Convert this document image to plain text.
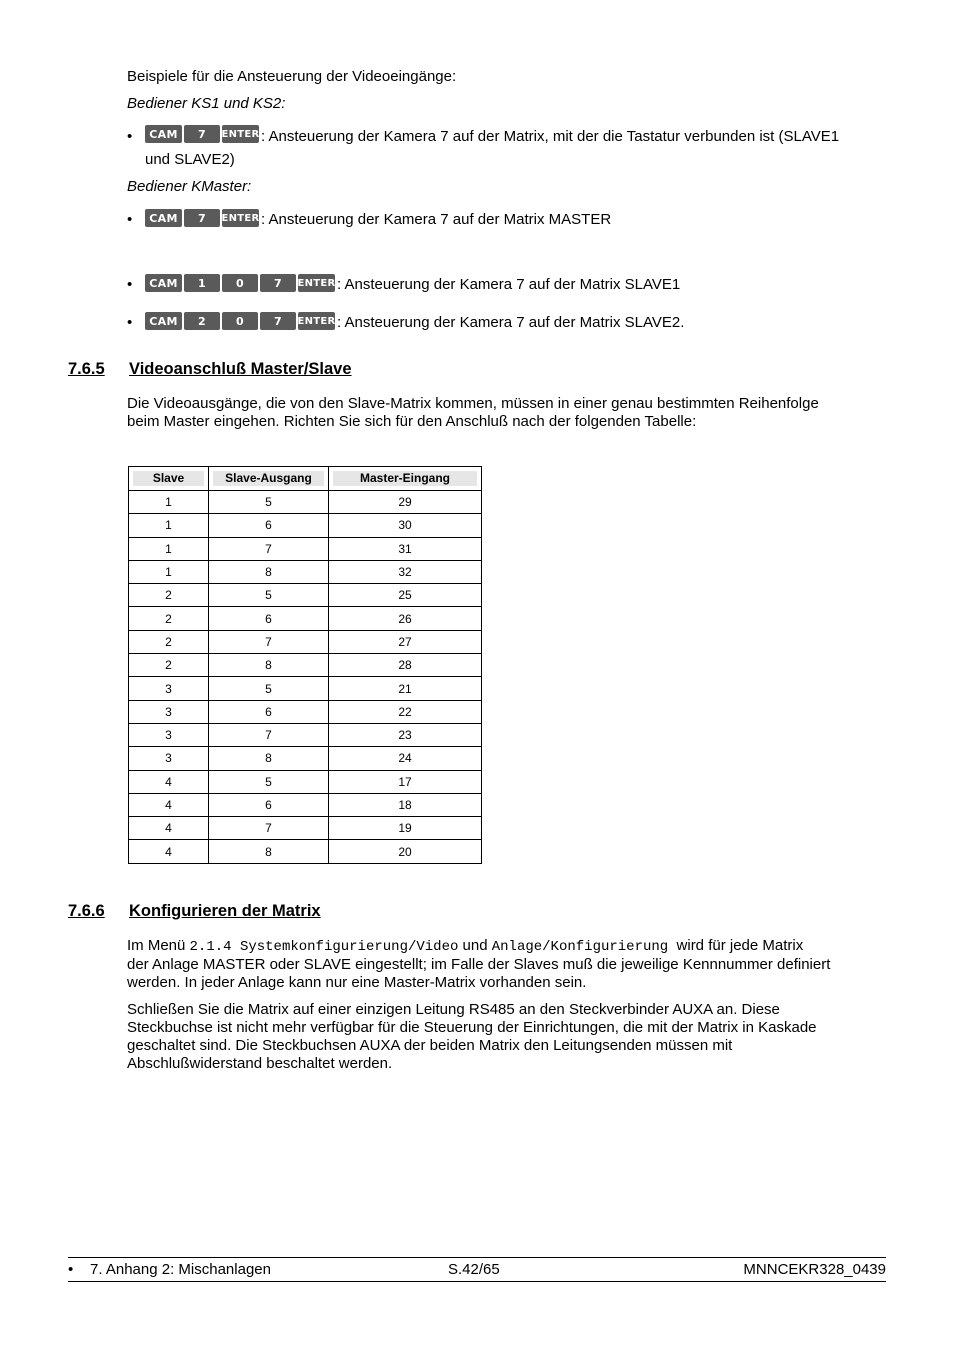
Beispiele für die Ansteuerung der Videoeingänge:
Bediener KS1 und KS2:
•	CAM	7	ENTER : Ansteuerung der Kamera 7 auf der Matrix, mit der die Tastatur verbunden ist (SLAVE1
und SLAVE2)
Bediener KMaster:
•	CAM	7	ENTER : Ansteuerung der Kamera 7 auf der Matrix MASTER
•	CAM	1	0	7	ENTER : Ansteuerung der Kamera 7 auf der Matrix SLAVE1
•	CAM	2	0	7	ENTER : Ansteuerung der Kamera 7 auf der Matrix SLAVE2.
7.6.5	Videoanschluß Master/Slave
Die Videoausgänge, die von den Slave-Matrix kommen, müssen in einer genau bestimmten Reihenfolge
beim Master eingehen. Richten Sie sich für den Anschluß nach der folgenden Tabelle:
Slave	Slave-Ausgang	Master-Eingang

1	5	29
1	6	30
1	7	31
1	8	32
2	5	25
2	6	26
2	7	27
2	8	28
3	5	21
3	6	22
3	7	23
3	8	24
4	5	17
4	6	18
4	7	19
4	8	20
7.6.6	Konfigurieren der Matrix
Im Menü 2.1.4 Systemkonfigurierung/Video und Anlage/Konfigurierung  wird für jede Matrix
der Anlage MASTER oder SLAVE eingestellt; im Falle der Slaves muß die jeweilige Kennnummer definiert
werden. In jeder Anlage kann nur eine Master-Matrix vorhanden sein.
Schließen Sie die Matrix auf einer einzigen Leitung RS485 an den Steckverbinder AUXA an. Diese
Steckbuchse ist nicht mehr verfügbar für die Steuerung der Einrichtungen, die mit der Matrix in Kaskade
geschaltet sind. Die Steckbuchsen AUXA der beiden Matrix den Leitungsenden müssen mit
Abschlußwiderstand beschaltet werden.
• 7. Anhang 2: Mischanlagen	S.42/65	MNNCEKR328_0439
